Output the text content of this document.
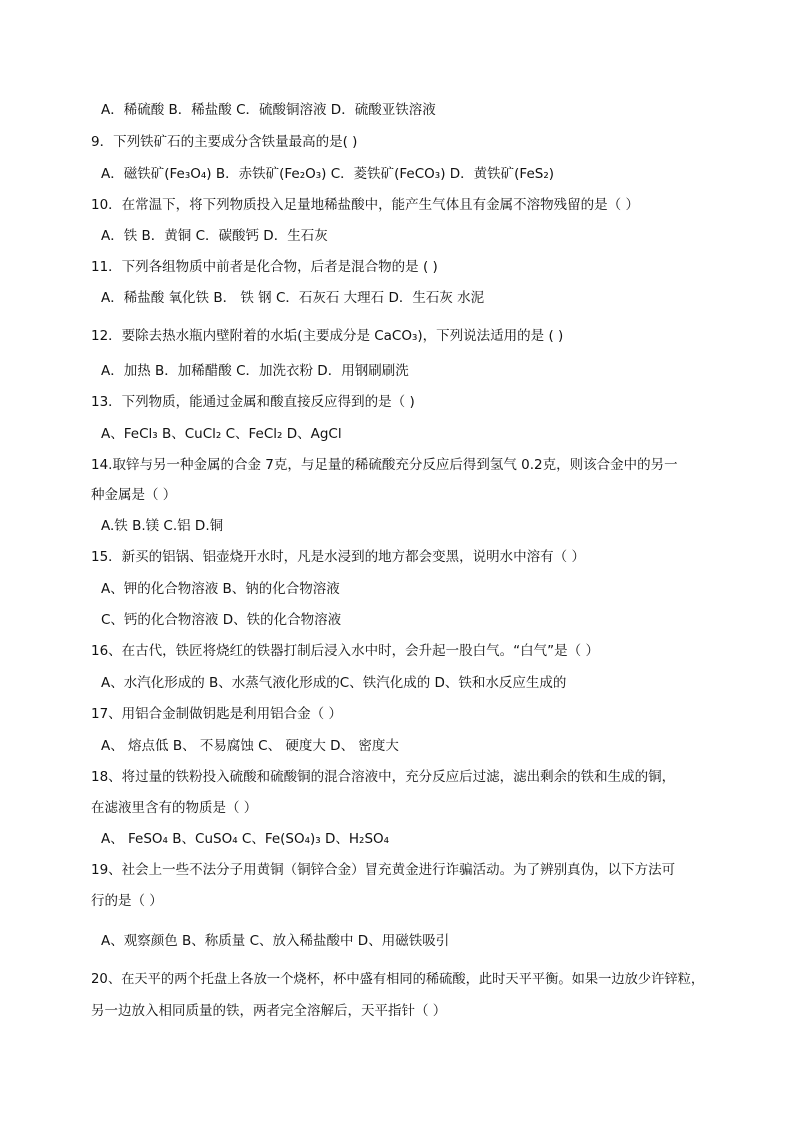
A．稀硫酸 B．稀盐酸 C．硫酸铜溶液 D．硫酸亚铁溶液
9．下列铁矿石的主要成分含铁量最高的是( )
A．磁铁矿(Fe₃O₄) B．赤铁矿(Fe₂O₃) C．菱铁矿(FeCO₃) D．黄铁矿(FeS₂)
10．在常温下，将下列物质投入足量地稀盐酸中，能产生气体且有金属不溶物残留的是（ ）
A．铁 B．黄铜 C．碳酸钙 D．生石灰
11．下列各组物质中前者是化合物，后者是混合物的是 ( )
A．稀盐酸 氧化铁 B． 铁 钢 C．石灰石 大理石 D．生石灰 水泥
12．要除去热水瓶内壁附着的水垢(主要成分是 CaCO₃)，下列说法适用的是 ( )
A．加热 B．加稀醋酸 C．加洗衣粉 D．用钢刷刷洗
13．下列物质，能通过金属和酸直接反应得到的是（ )
A、FeCl₃ B、CuCl₂ C、FeCl₂ D、AgCl
14.取锌与另一种金属的合金 7克，与足量的稀硫酸充分反应后得到氢气 0.2克，则该合金中的另一
种金属是（ ）
A.铁 B.镁 C.铝 D.铜
15．新买的铝锅、铝壶烧开水时，凡是水浸到的地方都会变黑，说明水中溶有（ ）
A、钾的化合物溶液 B、钠的化合物溶液
C、钙的化合物溶液 D、铁的化合物溶液
16、在古代，铁匠将烧红的铁器打制后浸入水中时，会升起一股白气。“白气”是（ ）
A、水汽化形成的 B、水蒸气液化形成的C、铁汽化成的 D、铁和水反应生成的
17、用铝合金制做钥匙是利用铝合金（ ）
A、 熔点低 B、 不易腐蚀 C、 硬度大 D、 密度大
18、将过量的铁粉投入硫酸和硫酸铜的混合溶液中，充分反应后过滤，滤出剩余的铁和生成的铜，
在滤液里含有的物质是（ ）
A、 FeSO₄ B、CuSO₄ C、Fe(SO₄)₃ D、H₂SO₄
19、社会上一些不法分子用黄铜（铜锌合金）冒充黄金进行诈骗活动。为了辨别真伪，以下方法可
行的是（ ）
A、观察颜色 B、称质量 C、放入稀盐酸中 D、用磁铁吸引
20、在天平的两个托盘上各放一个烧杯，杯中盛有相同的稀硫酸，此时天平平衡。如果一边放少许锌粒，
另一边放入相同质量的铁，两者完全溶解后，天平指针（ ）
